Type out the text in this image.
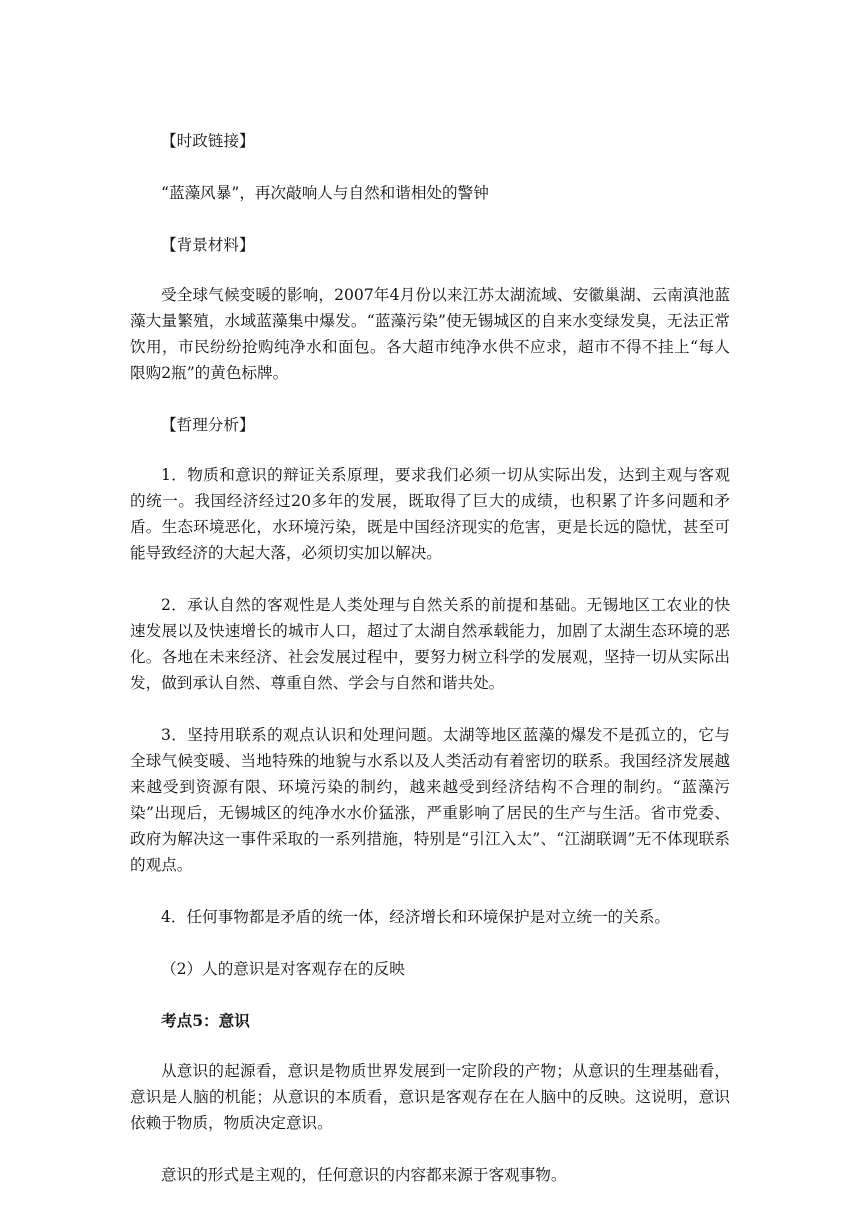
【时政链接】

“蓝藻风暴”，再次敲响人与自然和谐相处的警钟

【背景材料】

受全球气候变暖的影响，2007年4月份以来江苏太湖流域、安徽巢湖、云南滇池蓝藻大量繁殖，水域蓝藻集中爆发。“蓝藻污染”使无锡城区的自来水变绿发臭，无法正常饮用，市民纷纷抢购纯净水和面包。各大超市纯净水供不应求，超市不得不挂上“每人限购2瓶”的黄色标牌。

【哲理分析】

1．物质和意识的辩证关系原理，要求我们必须一切从实际出发，达到主观与客观的统一。我国经济经过20多年的发展，既取得了巨大的成绩，也积累了许多问题和矛盾。生态环境恶化，水环境污染，既是中国经济现实的危害，更是长远的隐忧，甚至可能导致经济的大起大落，必须切实加以解决。

2．承认自然的客观性是人类处理与自然关系的前提和基础。无锡地区工农业的快速发展以及快速增长的城市人口，超过了太湖自然承载能力，加剧了太湖生态环境的恶化。各地在未来经济、社会发展过程中，要努力树立科学的发展观，坚持一切从实际出发，做到承认自然、尊重自然、学会与自然和谐共处。

3．坚持用联系的观点认识和处理问题。太湖等地区蓝藻的爆发不是孤立的，它与全球气候变暖、当地特殊的地貌与水系以及人类活动有着密切的联系。我国经济发展越来越受到资源有限、环境污染的制约，越来越受到经济结构不合理的制约。“蓝藻污染”出现后，无锡城区的纯净水水价猛涨，严重影响了居民的生产与生活。省市党委、政府为解决这一事件采取的一系列措施，特别是“引江入太”、“江湖联调”无不体现联系的观点。

4．任何事物都是矛盾的统一体，经济增长和环境保护是对立统一的关系。

（2）人的意识是对客观存在的反映

考点5：意识

从意识的起源看，意识是物质世界发展到一定阶段的产物；从意识的生理基础看，意识是人脑的机能；从意识的本质看，意识是客观存在在人脑中的反映。这说明，意识依赖于物质，物质决定意识。

意识的形式是主观的，任何意识的内容都来源于客观事物。
